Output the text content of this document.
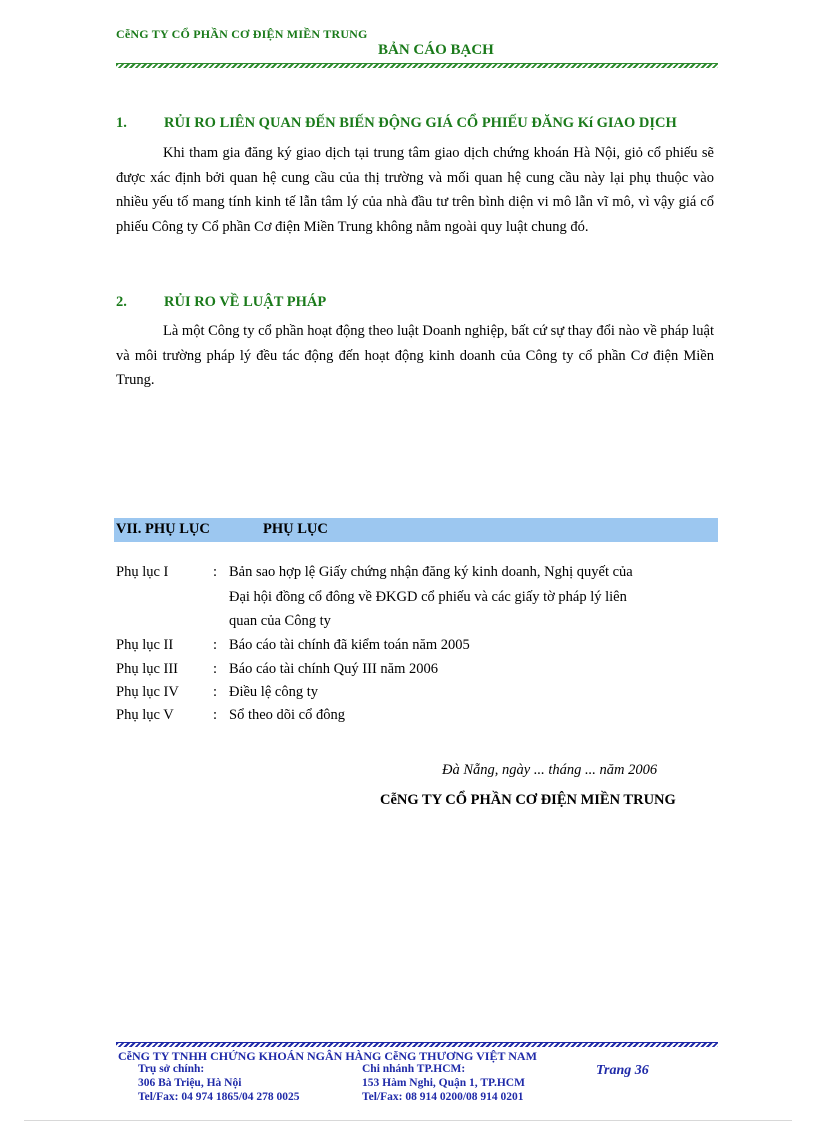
CễNG TY CỔ PHẦN CƠ ĐIỆN MIỀN TRUNG
BẢN CÁO BẠCH
1.	RỦI RO LIÊN QUAN ĐẾN BIẾN ĐỘNG GIÁ CỔ PHIẾU ĐĂNG Kí GIAO DỊCH
Khi tham gia đăng ký giao dịch tại trung tâm giao dịch chứng khoán Hà Nội, giỏ cổ phiếu sẽ được xác định bởi quan hệ cung cầu của thị trường và mối quan hệ cung cầu này lại phụ thuộc vào nhiều yếu tố mang tính kinh tế lẫn tâm lý của nhà đầu tư trên bình diện vi mô lẫn vĩ mô, vì vậy giá cổ phiếu Công ty Cổ phần Cơ điện Miền Trung không nằm ngoài quy luật chung đó.
2.	RỦI RO VỀ LUẬT PHÁP
Là một Công ty cổ phần hoạt động theo luật Doanh nghiệp, bất cứ sự thay đổi nào về pháp luật và môi trường pháp lý đều tác động đến hoạt động kinh doanh của Công ty cổ phần Cơ điện Miền Trung.
VII. PHỤ LỤC	PHỤ LỤC
Phụ lục I	: Bản sao hợp lệ Giấy chứng nhận đăng ký kinh doanh, Nghị quyết của
Đại hội đồng cổ đông về ĐKGD cổ phiếu và các giấy tờ pháp lý liên
quan của Công ty
Phụ lục II	: Báo cáo tài chính đã kiểm toán năm 2005
Phụ lục III	: Báo cáo tài chính Quý III năm 2006
Phụ lục IV	: Điều lệ công ty
Phụ lục V	: Sổ theo dõi cổ đông
Đà Nẵng, ngày ... tháng ... năm 2006
CễNG TY CỔ PHẦN CƠ ĐIỆN MIỀN TRUNG
CễNG TY TNHH CHỨNG KHOÁN NGÂN HÀNG CễNG THƯƠNG VIỆT NAM
Trụ sở chính:
306 Bà Triệu, Hà Nội
Tel/Fax: 04 974 1865/04 278 0025
Chi nhánh TP.HCM:
153 Hàm Nghi, Quận 1, TP.HCM
Tel/Fax: 08 914 0200/08 914 0201
Trang 36
